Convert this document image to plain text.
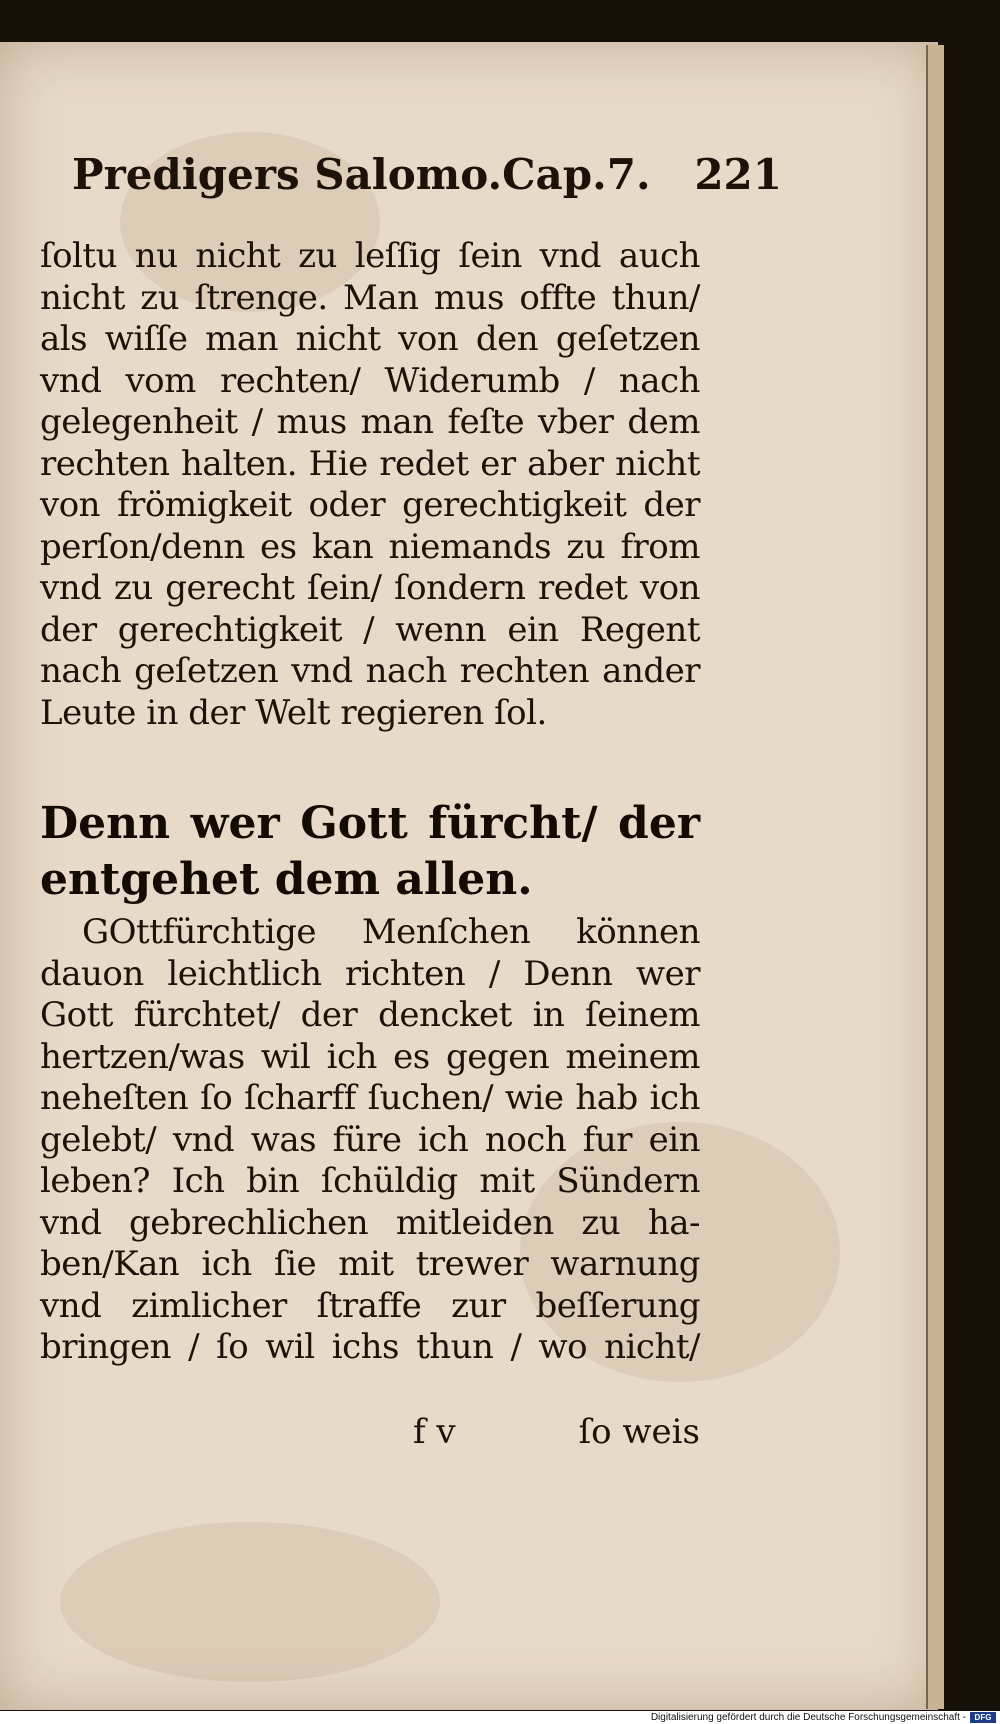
Predigers Salomo.Cap.7. 221
ſoltu nu nicht zu leſſig ſein vnd auch
nicht zu ſtrenge. Man mus offte thun/
als wiſſe man nicht von den geſetzen
vnd vom rechten/ Widerumb / nach
gelegenheit / mus man feſte vber dem
rechten halten. Hie redet er aber nicht
von frömigkeit oder gerechtigkeit der
perſon/denn es kan niemands zu from
vnd zu gerecht ſein/ ſondern redet von
der gerechtigkeit / wenn ein Regent
nach geſetzen vnd nach rechten ander
Leute in der Welt regieren ſol.
Denn wer Gott fürcht/ der
entgehet dem allen.
GOttfürchtige Menſchen können
dauon leichtlich richten / Denn wer
Gott fürchtet/ der dencket in ſeinem
hertzen/was wil ich es gegen meinem
neheſten ſo ſcharff ſuchen/ wie hab ich
gelebt/ vnd was füre ich noch fur ein
leben? Ich bin ſchüldig mit Sündern
vnd gebrechlichen mitleiden zu ha-
ben/Kan ich ſie mit trewer warnung
vnd zimlicher ſtraffe zur beſſerung
bringen / ſo wil ichs thun / wo nicht/
f v	ſo weis
Digitalisierung gefördert durch die Deutsche Forschungsgemeinschaft -	DFG
